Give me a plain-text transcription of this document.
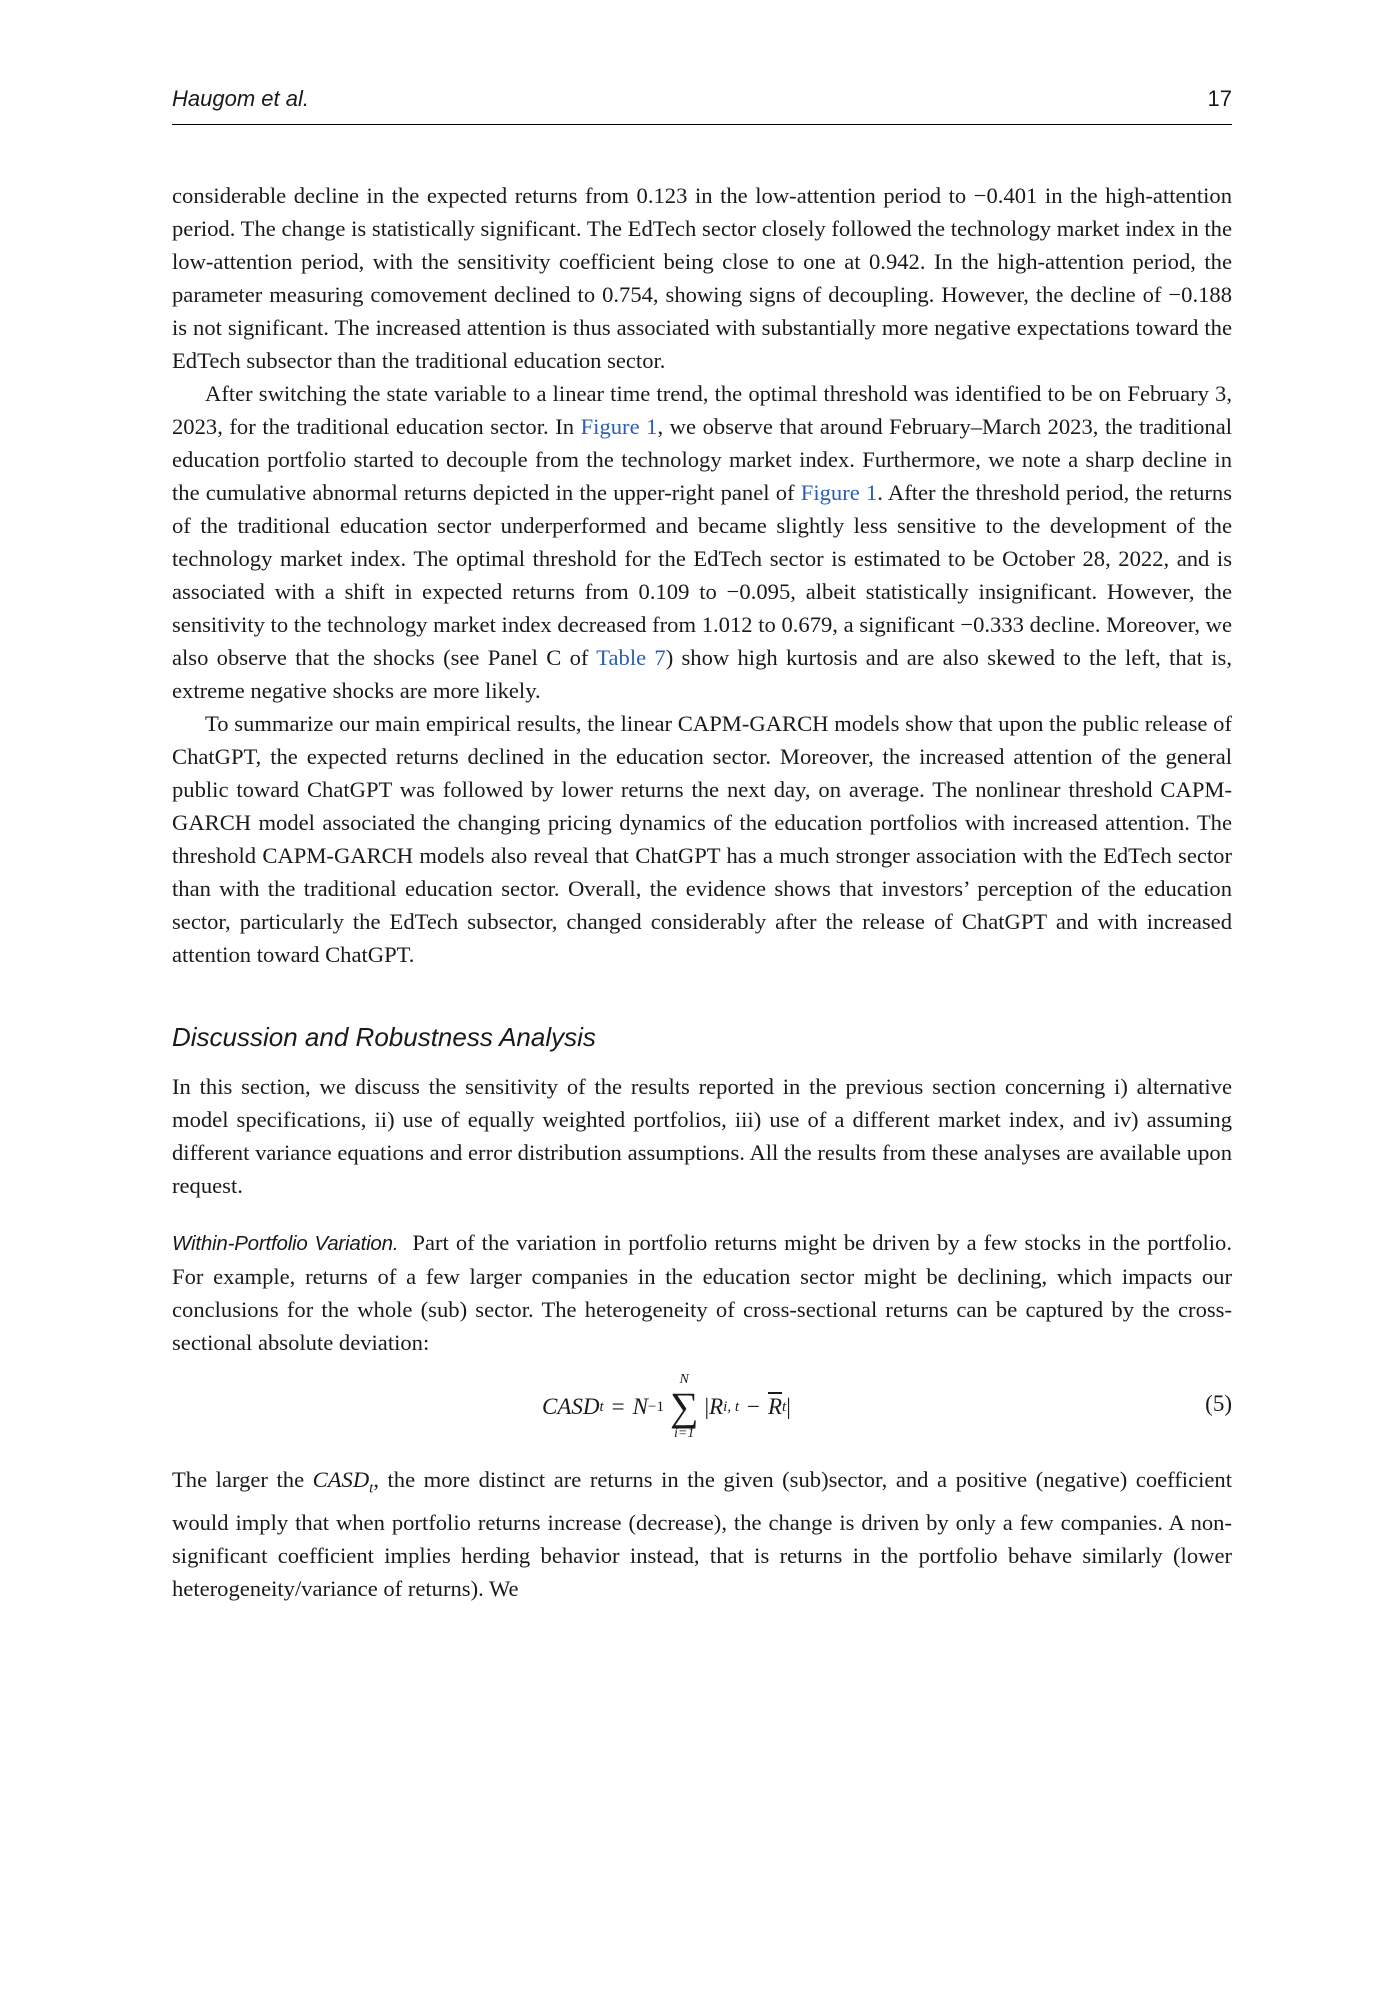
Haugom et al.	17

considerable decline in the expected returns from 0.123 in the low-attention period to −0.401 in the high-attention period. The change is statistically significant. The EdTech sector closely followed the technology market index in the low-attention period, with the sensitivity coefficient being close to one at 0.942. In the high-attention period, the parameter measuring comovement declined to 0.754, showing signs of decoupling. However, the decline of −0.188 is not significant. The increased attention is thus associated with substantially more negative expectations toward the EdTech subsector than the traditional education sector.

After switching the state variable to a linear time trend, the optimal threshold was identified to be on February 3, 2023, for the traditional education sector. In Figure 1, we observe that around February–March 2023, the traditional education portfolio started to decouple from the technology market index. Furthermore, we note a sharp decline in the cumulative abnormal returns depicted in the upper-right panel of Figure 1. After the threshold period, the returns of the traditional education sector underperformed and became slightly less sensitive to the development of the technology market index. The optimal threshold for the EdTech sector is estimated to be October 28, 2022, and is associated with a shift in expected returns from 0.109 to −0.095, albeit statistically insignificant. However, the sensitivity to the technology market index decreased from 1.012 to 0.679, a significant −0.333 decline. Moreover, we also observe that the shocks (see Panel C of Table 7) show high kurtosis and are also skewed to the left, that is, extreme negative shocks are more likely.

To summarize our main empirical results, the linear CAPM-GARCH models show that upon the public release of ChatGPT, the expected returns declined in the education sector. Moreover, the increased attention of the general public toward ChatGPT was followed by lower returns the next day, on average. The nonlinear threshold CAPM-GARCH model associated the changing pricing dynamics of the education portfolios with increased attention. The threshold CAPM-GARCH models also reveal that ChatGPT has a much stronger association with the EdTech sector than with the traditional education sector. Overall, the evidence shows that investors’ perception of the education sector, particularly the EdTech subsector, changed considerably after the release of ChatGPT and with increased attention toward ChatGPT.

Discussion and Robustness Analysis

In this section, we discuss the sensitivity of the results reported in the previous section concerning i) alternative model specifications, ii) use of equally weighted portfolios, iii) use of a different market index, and iv) assuming different variance equations and error distribution assumptions. All the results from these analyses are available upon request.

Within-Portfolio Variation. Part of the variation in portfolio returns might be driven by a few stocks in the portfolio. For example, returns of a few larger companies in the education sector might be declining, which impacts our conclusions for the whole (sub) sector. The heterogeneity of cross-sectional returns can be captured by the cross-sectional absolute deviation:

CASD t = N −1
N
∑
i=1
| R i, $t - \overline{R}$ t |	(5)

The larger the $CASD_t$, the more distinct are returns in the given (sub)sector, and a positive (negative) coefficient would imply that when portfolio returns increase (decrease), the change is driven by only a few companies. A non-significant coefficient implies herding behavior instead, that is returns in the portfolio behave similarly (lower heterogeneity/variance of returns). We
